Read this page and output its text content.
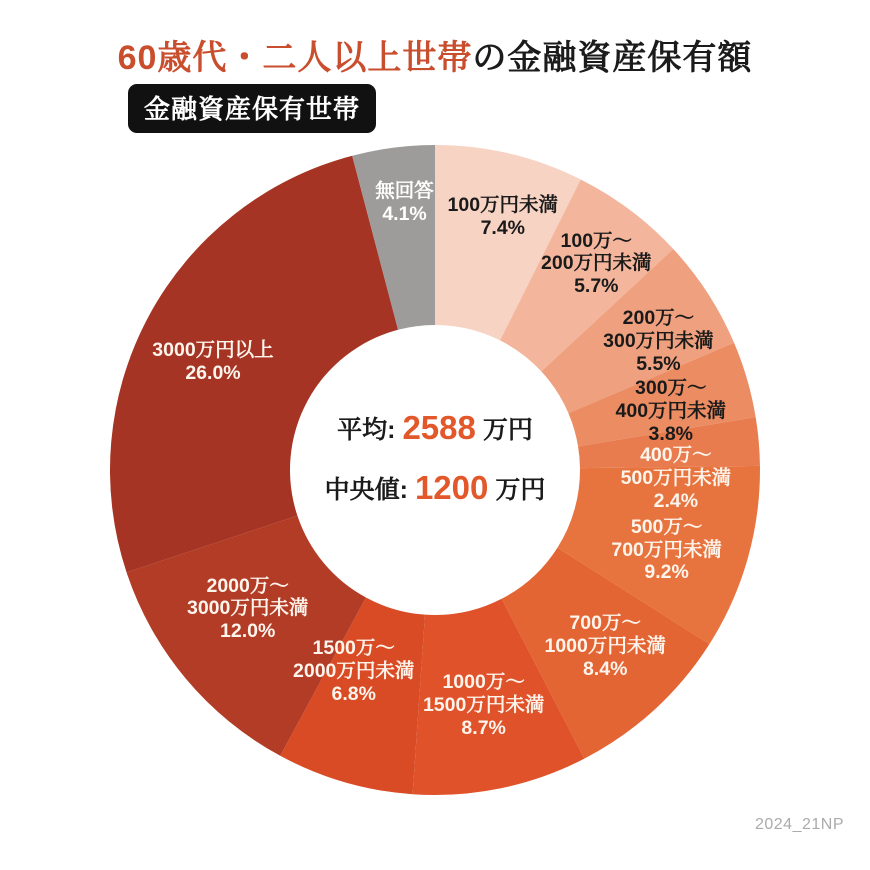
60歳代・二人以上世帯の金融資産保有額
金融資産保有世帯
100万円未満
7.4%
100万〜
200万円未満
5.7%
200万〜
300万円未満
5.5%
300万〜
400万円未満
3.8%
400万〜
500万円未満
2.4%
500万〜
700万円未満
9.2%
700万〜
1000万円未満
8.4%
1000万〜
1500万円未満
8.7%
1500万〜
2000万円未満
6.8%
2000万〜
3000万円未満
12.0%
3000万円以上
26.0%
無回答
4.1%
平均: 2588 万円
中央値: 1200 万円
2024_21NP
